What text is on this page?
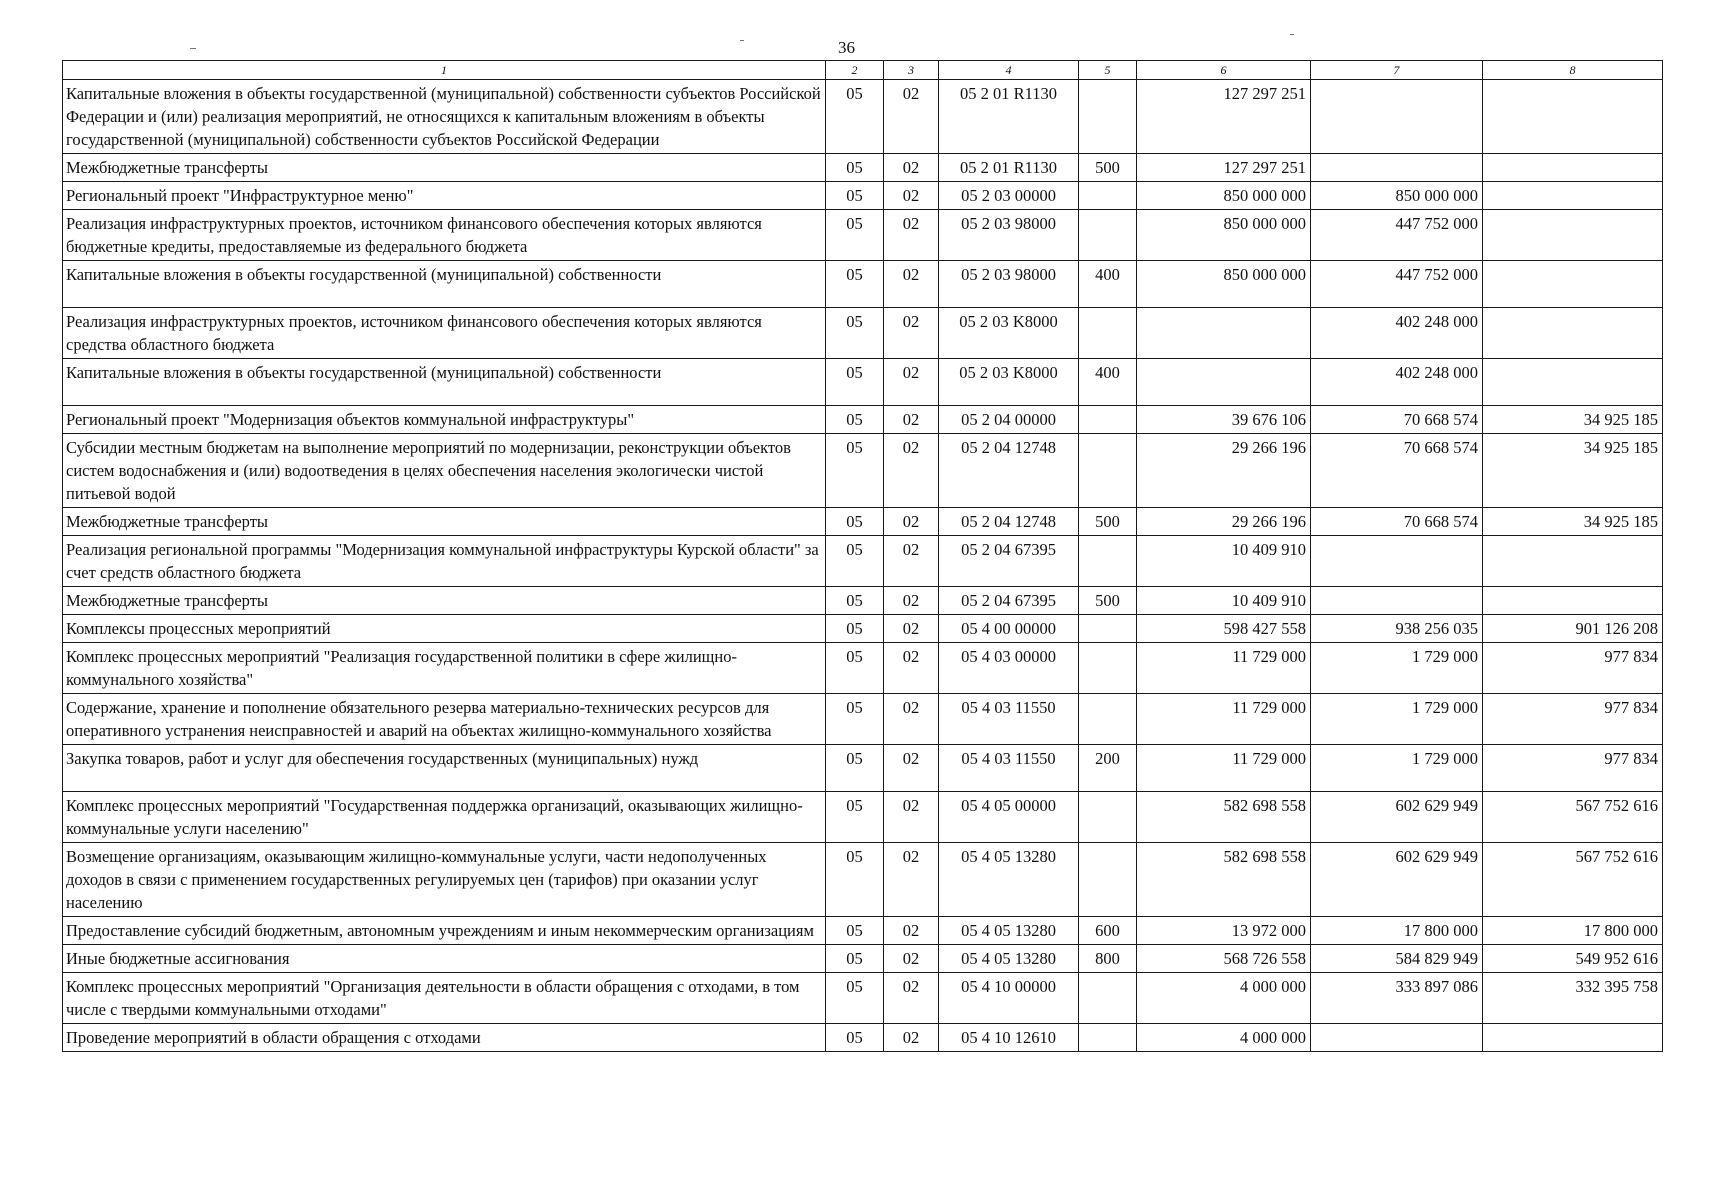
36
1	2	3	4	5	6	7	8
Капитальные вложения в объекты государственной (муниципальной) собственности субъектов Российской Федерации и (или) реализация мероприятий, не относящихся к капитальным вложениям в объекты государственной (муниципальной) собственности субъектов Российской Федерации	05	02	05 2 01 R1130		127 297 251		
Межбюджетные трансферты	05	02	05 2 01 R1130	500	127 297 251		
Региональный проект "Инфраструктурное меню"	05	02	05 2 03 00000		850 000 000	850 000 000	
Реализация инфраструктурных проектов, источником финансового обеспечения которых являются бюджетные кредиты, предоставляемые из федерального бюджета	05	02	05 2 03 98000		850 000 000	447 752 000	
Капитальные вложения в объекты государственной (муниципальной) собственности	05	02	05 2 03 98000	400	850 000 000	447 752 000	
Реализация инфраструктурных проектов, источником финансового обеспечения которых являются средства областного бюджета	05	02	05 2 03 K8000			402 248 000	
Капитальные вложения в объекты государственной (муниципальной) собственности	05	02	05 2 03 K8000	400		402 248 000	
Региональный проект "Модернизация объектов коммунальной инфраструктуры"	05	02	05 2 04 00000		39 676 106	70 668 574	34 925 185
Субсидии местным бюджетам на выполнение мероприятий по модернизации, реконструкции объектов систем водоснабжения и (или) водоотведения в целях обеспечения населения экологически чистой питьевой водой	05	02	05 2 04 12748		29 266 196	70 668 574	34 925 185
Межбюджетные трансферты	05	02	05 2 04 12748	500	29 266 196	70 668 574	34 925 185
Реализация региональной программы "Модернизация коммунальной инфраструктуры Курской области" за счет средств областного бюджета	05	02	05 2 04 67395		10 409 910		
Межбюджетные трансферты	05	02	05 2 04 67395	500	10 409 910		
Комплексы процессных мероприятий	05	02	05 4 00 00000		598 427 558	938 256 035	901 126 208
Комплекс процессных мероприятий "Реализация государственной политики в сфере жилищно-коммунального хозяйства"	05	02	05 4 03 00000		11 729 000	1 729 000	977 834
Содержание, хранение и пополнение обязательного резерва материально-технических ресурсов для оперативного устранения неисправностей и аварий на объектах жилищно-коммунального хозяйства	05	02	05 4 03 11550		11 729 000	1 729 000	977 834
Закупка товаров, работ и услуг для обеспечения государственных (муниципальных) нужд	05	02	05 4 03 11550	200	11 729 000	1 729 000	977 834
Комплекс процессных мероприятий "Государственная поддержка организаций, оказывающих жилищно-коммунальные услуги населению"	05	02	05 4 05 00000		582 698 558	602 629 949	567 752 616
Возмещение организациям, оказывающим жилищно-коммунальные услуги, части недополученных доходов в связи с применением государственных регулируемых цен (тарифов) при оказании услуг населению	05	02	05 4 05 13280		582 698 558	602 629 949	567 752 616
Предоставление субсидий бюджетным, автономным учреждениям и иным некоммерческим организациям	05	02	05 4 05 13280	600	13 972 000	17 800 000	17 800 000
Иные бюджетные ассигнования	05	02	05 4 05 13280	800	568 726 558	584 829 949	549 952 616
Комплекс процессных мероприятий "Организация деятельности в области обращения с отходами, в том числе с твердыми коммунальными отходами"	05	02	05 4 10 00000		4 000 000	333 897 086	332 395 758
Проведение мероприятий в области обращения с отходами	05	02	05 4 10 12610		4 000 000		
